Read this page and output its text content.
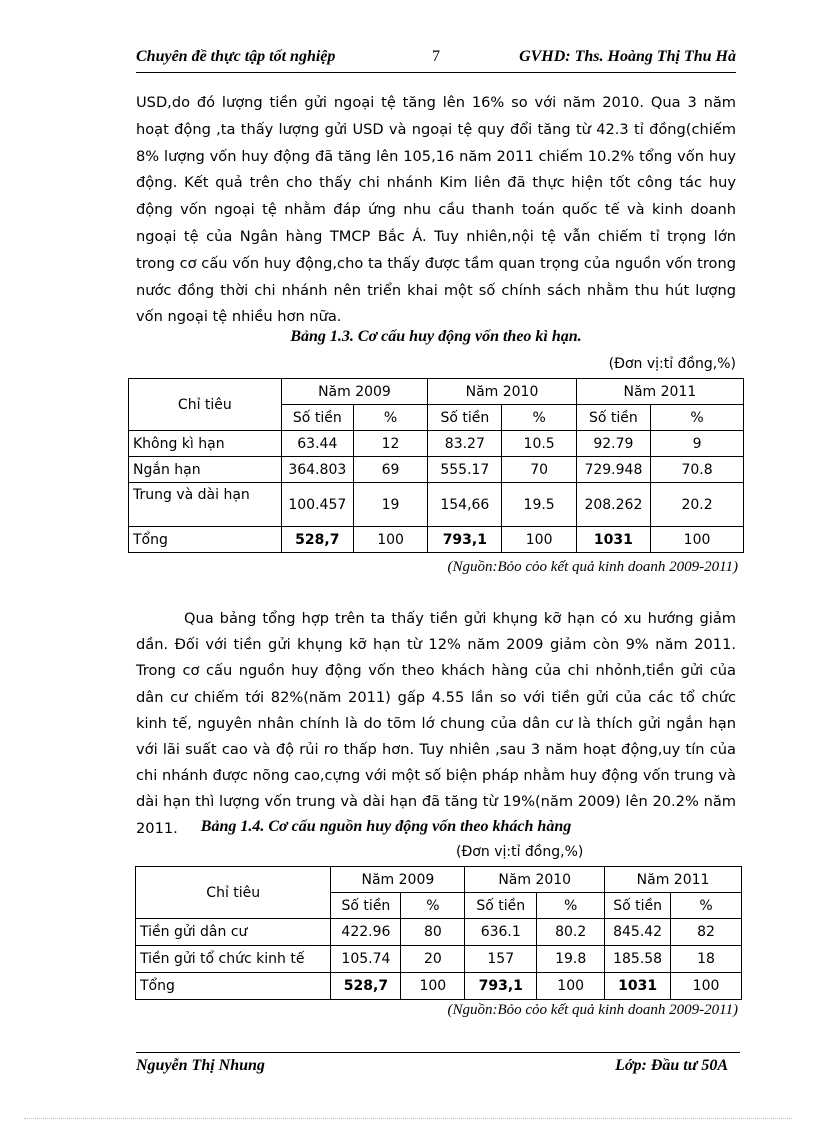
Chuyên đề thực tập tốt nghiệp	7	GVHD: Ths. Hoàng Thị Thu Hà

USD,do đó lượng tiền gửi ngoại tệ tăng lên 16% so với năm 2010. Qua 3 năm hoạt động ,ta thấy lượng gửi USD và ngoại tệ quy đổi tăng từ 42.3 tỉ đồng(chiếm 8% lượng vốn huy động đã tăng lên 105,16 năm 2011 chiếm 10.2% tổng vốn huy động. Kết quả trên cho thấy chi nhánh Kim liên đã thực hiện tốt công tác huy động vốn ngoại tệ nhằm đáp ứng nhu cầu thanh toán quốc tế và kinh doanh ngoại tệ của Ngân hàng TMCP Bắc Á. Tuy nhiên,nội tệ vẫn chiếm tỉ trọng lớn trong cơ cấu vốn huy động,cho ta thấy được tầm quan trọng của nguồn vốn trong nước đồng thời chi nhánh nên triển khai một số chính sách nhằm thu hút lượng vốn ngoại tệ nhiều hơn nữa.

Bảng 1.3. Cơ cấu huy động vốn theo kì hạn.

(Đơn vị:tỉ đồng,%)

Chỉ tiêu	Năm 2009		Năm 2010		Năm 2011	
	Số tiền	%	Số tiền	%	Số tiền	%
Không kì hạn	63.44	12	83.27	10.5	92.79	9
Ngắn hạn	364.803	69	555.17	70	729.948	70.8
Trung và dài hạn	100.457	19	154,66	19.5	208.262	20.2
Tổng	528,7	100	793,1	100	1031	100

(Nguồn:Bỏo cỏo kết quả kinh doanh 2009-2011)

Qua bảng tổng hợp trên ta thấy tiền gửi khụng kỡ hạn có xu hướng giảm dần. Đối với tiền gửi khụng kỡ hạn từ 12% năm 2009 giảm còn 9% năm 2011. Trong cơ cấu nguồn huy động vốn theo khách hàng của chi nhỏnh,tiền gửi của dân cư chiếm tới 82%(năm 2011) gấp 4.55 lần so với tiền gửi của các tổ chức kinh tế, nguyên nhân chính là do tõm lớ chung của dân cư là thích gửi ngắn hạn với lãi suất cao và độ rủi ro thấp hơn. Tuy nhiên ,sau 3 năm hoạt động,uy tín của chi nhánh được nõng cao,cựng với một số biện pháp nhằm huy động vốn trung và dài hạn thì lượng vốn trung và dài hạn đã tăng từ 19%(năm 2009) lên 20.2% năm 2011.	Bảng 1.4. Cơ cấu nguồn huy động vốn theo khách hàng

(Đơn vị:tỉ đồng,%)

Chỉ tiêu	Năm 2009		Năm 2010		Năm 2011	
	Số tiền	%	Số tiền	%	Số tiền	%
Tiền gửi dân cư	422.96	80	636.1	80.2	845.42	82
Tiền gửi tổ chức kinh tế	105.74	20	157	19.8	185.58	18
Tổng	528,7	100	793,1	100	1031	100

(Nguồn:Bỏo cỏo kết quả kinh doanh 2009-2011)

Nguyễn Thị Nhung	Lớp: Đầu tư 50A
